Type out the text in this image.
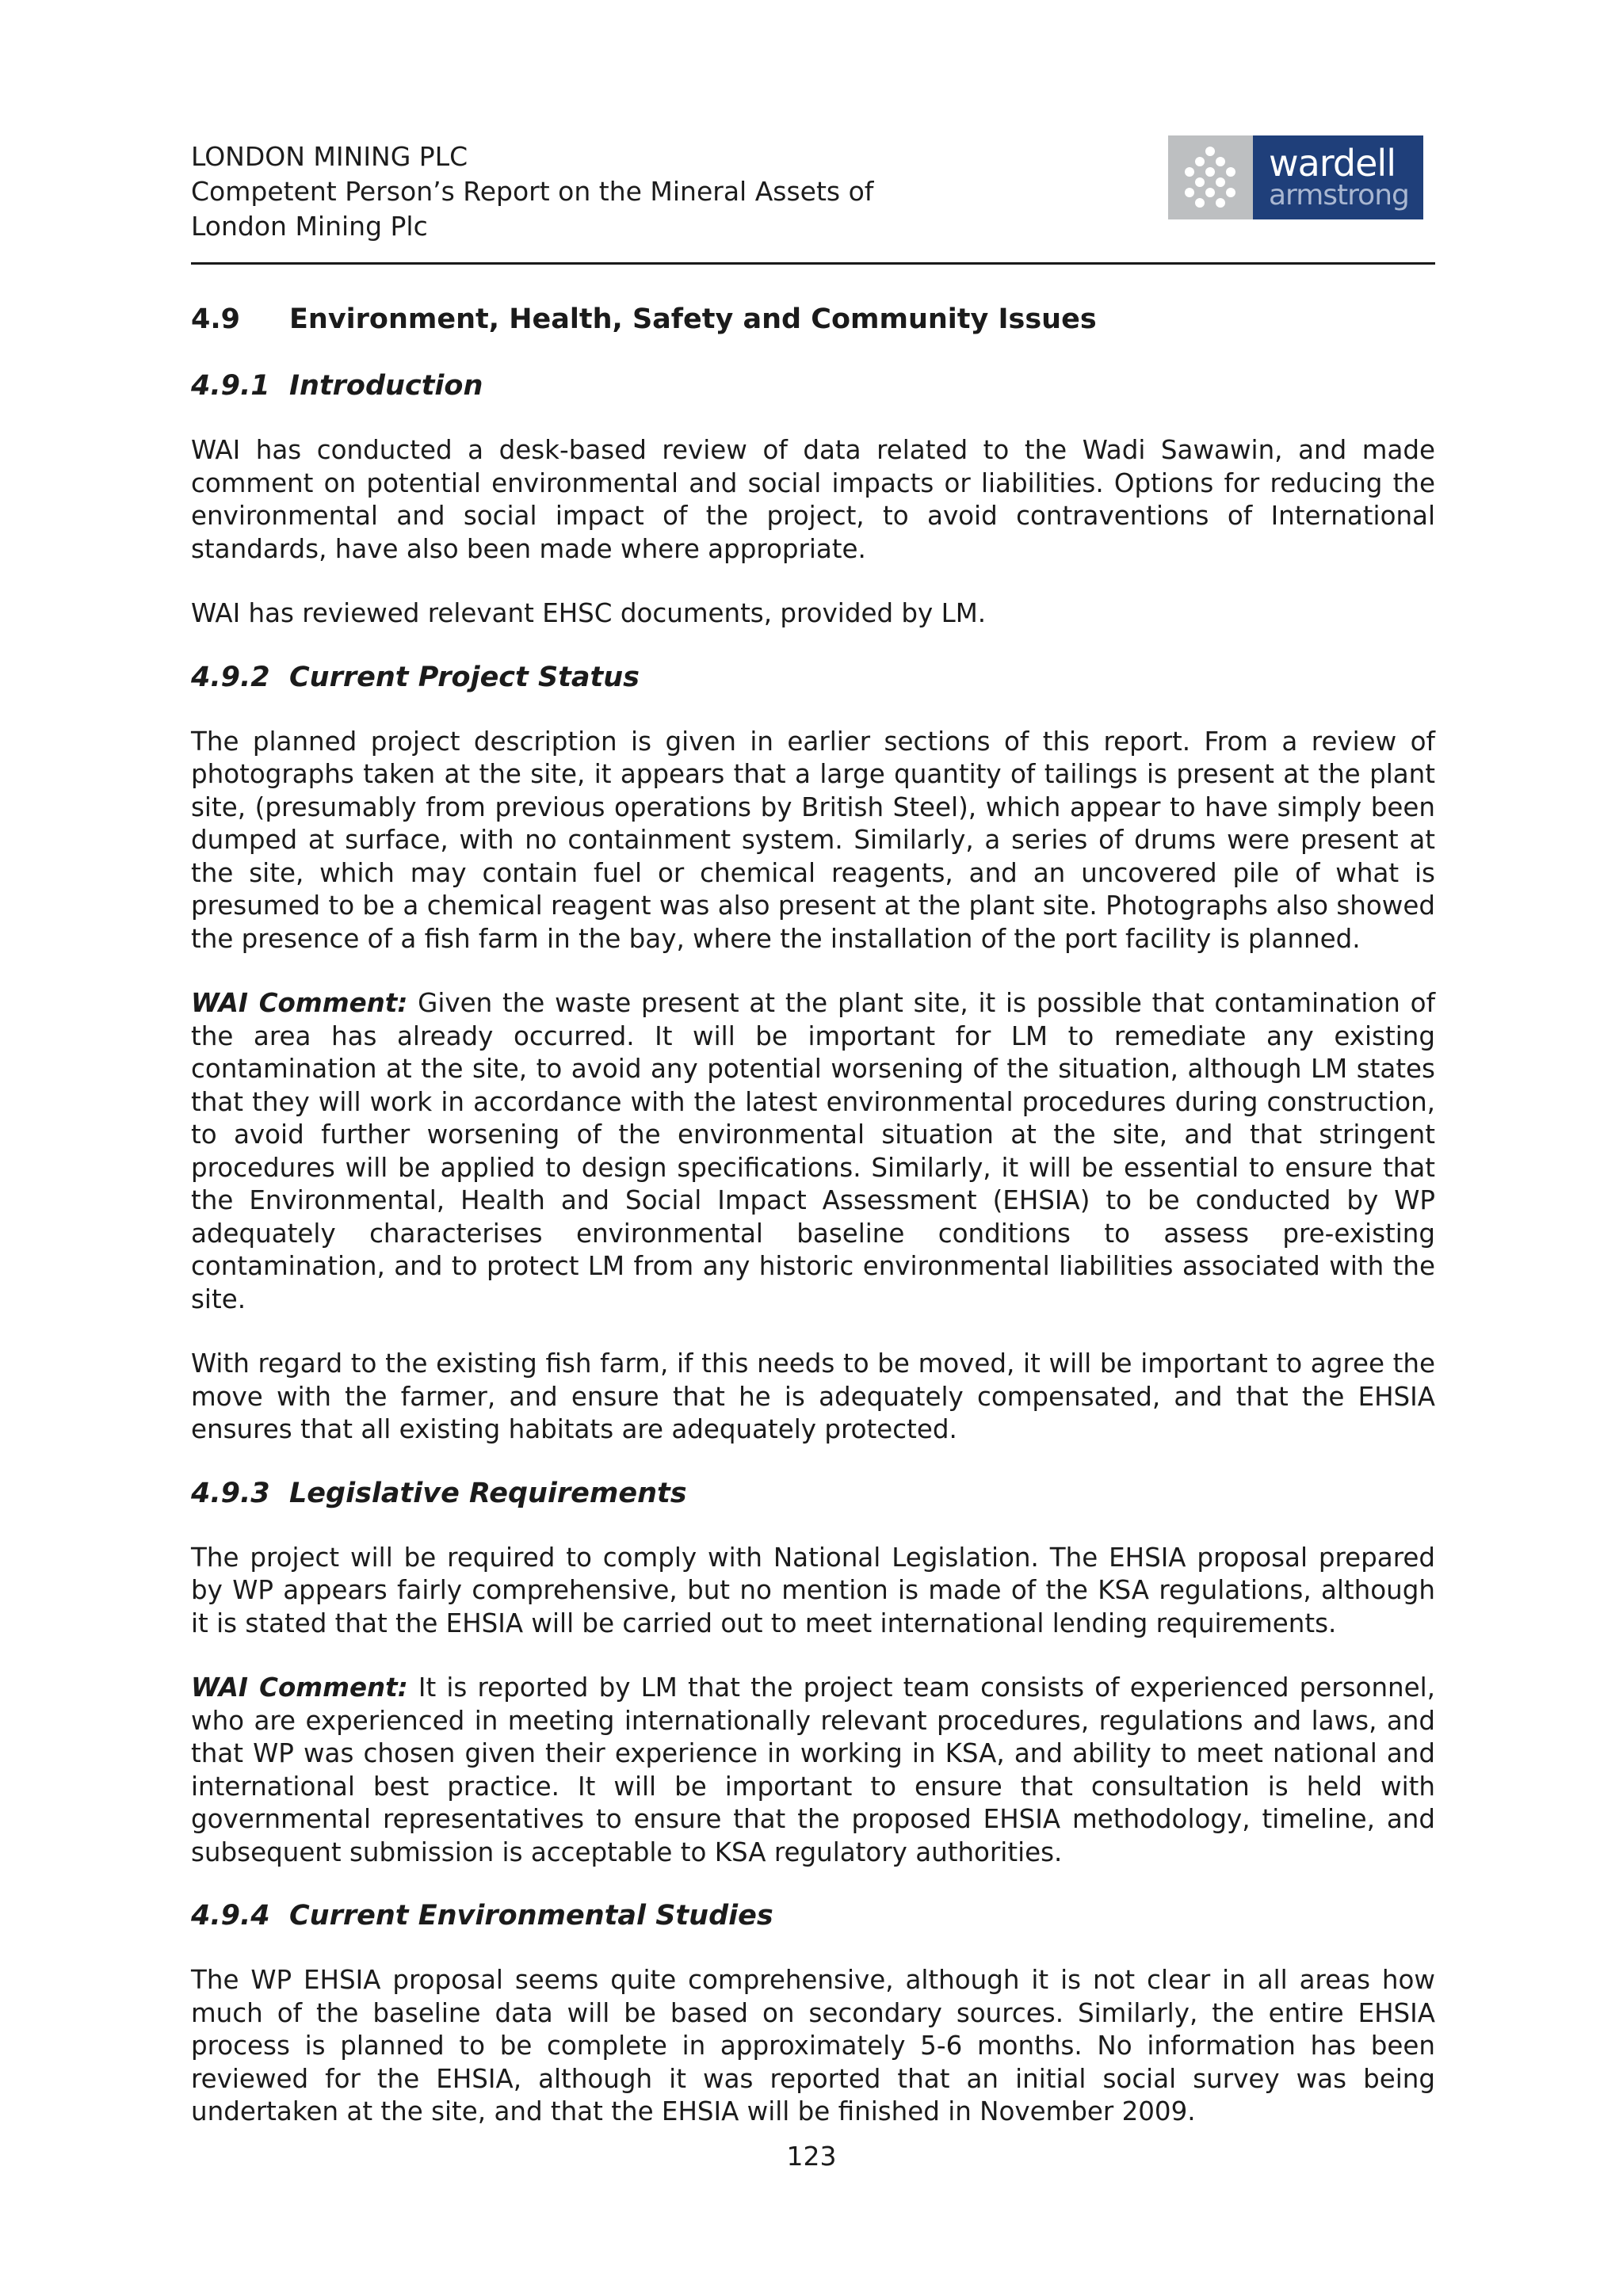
LONDON MINING PLC
Competent Person’s Report on the Mineral Assets of
London Mining Plc
wardell
armstrong
4.9 Environment, Health, Safety and Community Issues
4.9.1 Introduction

WAI has conducted a desk-based review of data related to the Wadi Sawawin, and made comment on potential environmental and social impacts or liabilities. Options for reducing the environmental and social impact of the project, to avoid contraventions of International standards, have also been made where appropriate.

WAI has reviewed relevant EHSC documents, provided by LM.

4.9.2 Current Project Status

The planned project description is given in earlier sections of this report. From a review of photographs taken at the site, it appears that a large quantity of tailings is present at the plant site, (presumably from previous operations by British Steel), which appear to have simply been dumped at surface, with no containment system. Similarly, a series of drums were present at the site, which may contain fuel or chemical reagents, and an uncovered pile of what is presumed to be a chemical reagent was also present at the plant site. Photographs also showed the presence of a fish farm in the bay, where the installation of the port facility is planned.

WAI Comment: Given the waste present at the plant site, it is possible that contamination of the area has already occurred. It will be important for LM to remediate any existing contamination at the site, to avoid any potential worsening of the situation, although LM states that they will work in accordance with the latest environmental procedures during construction, to avoid further worsening of the environmental situation at the site, and that stringent procedures will be applied to design specifications. Similarly, it will be essential to ensure that the Environmental, Health and Social Impact Assessment (EHSIA) to be conducted by WP adequately characterises environmental baseline conditions to assess pre-existing contamination, and to protect LM from any historic environmental liabilities associated with the site.

With regard to the existing fish farm, if this needs to be moved, it will be important to agree the move with the farmer, and ensure that he is adequately compensated, and that the EHSIA ensures that all existing habitats are adequately protected.

4.9.3 Legislative Requirements

The project will be required to comply with National Legislation. The EHSIA proposal prepared by WP appears fairly comprehensive, but no mention is made of the KSA regulations, although it is stated that the EHSIA will be carried out to meet international lending requirements.

WAI Comment: It is reported by LM that the project team consists of experienced personnel, who are experienced in meeting internationally relevant procedures, regulations and laws, and that WP was chosen given their experience in working in KSA, and ability to meet national and international best practice. It will be important to ensure that consultation is held with governmental representatives to ensure that the proposed EHSIA methodology, timeline, and subsequent submission is acceptable to KSA regulatory authorities.

4.9.4 Current Environmental Studies

The WP EHSIA proposal seems quite comprehensive, although it is not clear in all areas how much of the baseline data will be based on secondary sources. Similarly, the entire EHSIA process is planned to be complete in approximately 5-6 months. No information has been reviewed for the EHSIA, although it was reported that an initial social survey was being undertaken at the site, and that the EHSIA will be finished in November 2009.

123
